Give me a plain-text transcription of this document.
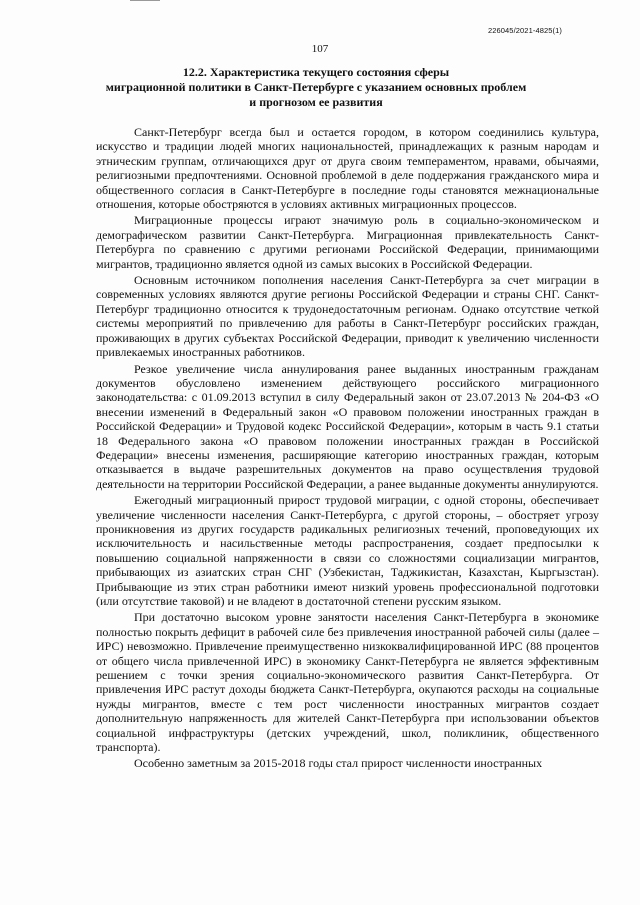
226045/2021-4825(1)
107
12.2. Характеристика текущего состояния сферы
миграционной политики в Санкт-Петербурге с указанием основных проблем
и прогнозом ее развития

Санкт-Петербург всегда был и остается городом, в котором соединились культура, искусство и традиции людей многих национальностей, принадлежащих к разным народам и этническим группам, отличающихся друг от друга своим темпераментом, нравами, обычаями, религиозными предпочтениями. Основной проблемой в деле поддержания гражданского мира и общественного согласия в Санкт-Петербурге в последние годы становятся межнациональные отношения, которые обостряются в условиях активных миграционных процессов.

Миграционные процессы играют значимую роль в социально-экономическом и демографическом развитии Санкт-Петербурга. Миграционная привлекательность Санкт-Петербурга по сравнению с другими регионами Российской Федерации, принимающими мигрантов, традиционно является одной из самых высоких в Российской Федерации.

Основным источником пополнения населения Санкт-Петербурга за счет миграции в современных условиях являются другие регионы Российской Федерации и страны СНГ. Санкт-Петербург традиционно относится к трудонедостаточным регионам. Однако отсутствие четкой системы мероприятий по привлечению для работы в Санкт-Петербург российских граждан, проживающих в других субъектах Российской Федерации, приводит к увеличению численности привлекаемых иностранных работников.

Резкое увеличение числа аннулирования ранее выданных иностранным гражданам документов обусловлено изменением действующего российского миграционного законодательства: с 01.09.2013 вступил в силу Федеральный закон от 23.07.2013 № 204-ФЗ «О внесении изменений в Федеральный закон «О правовом положении иностранных граждан в Российской Федерации» и Трудовой кодекс Российской Федерации», которым в часть 9.1 статьи 18 Федерального закона «О правовом положении иностранных граждан в Российской Федерации» внесены изменения, расширяющие категорию иностранных граждан, которым отказывается в выдаче разрешительных документов на право осуществления трудовой деятельности на территории Российской Федерации, а ранее выданные документы аннулируются.

Ежегодный миграционный прирост трудовой миграции, с одной стороны, обеспечивает увеличение численности населения Санкт-Петербурга, с другой стороны, – обостряет угрозу проникновения из других государств радикальных религиозных течений, проповедующих их исключительность и насильственные методы распространения, создает предпосылки к повышению социальной напряженности в связи со сложностями социализации мигрантов, прибывающих из азиатских стран СНГ (Узбекистан, Таджикистан, Казахстан, Кыргызстан). Прибывающие из этих стран работники имеют низкий уровень профессиональной подготовки (или отсутствие таковой) и не владеют в достаточной степени русским языком.

При достаточно высоком уровне занятости населения Санкт-Петербурга в экономике полностью покрыть дефицит в рабочей силе без привлечения иностранной рабочей силы (далее – ИРС) невозможно. Привлечение преимущественно низкоквалифицированной ИРС (88 процентов от общего числа привлеченной ИРС) в экономику Санкт-Петербурга не является эффективным решением с точки зрения социально-экономического развития Санкт-Петербурга. От привлечения ИРС растут доходы бюджета Санкт-Петербурга, окупаются расходы на социальные нужды мигрантов, вместе с тем рост численности иностранных мигрантов создает дополнительную напряженность для жителей Санкт-Петербурга при использовании объектов социальной инфраструктуры (детских учреждений, школ, поликлиник, общественного транспорта).

Особенно заметным за 2015-2018 годы стал прирост численности иностранных
